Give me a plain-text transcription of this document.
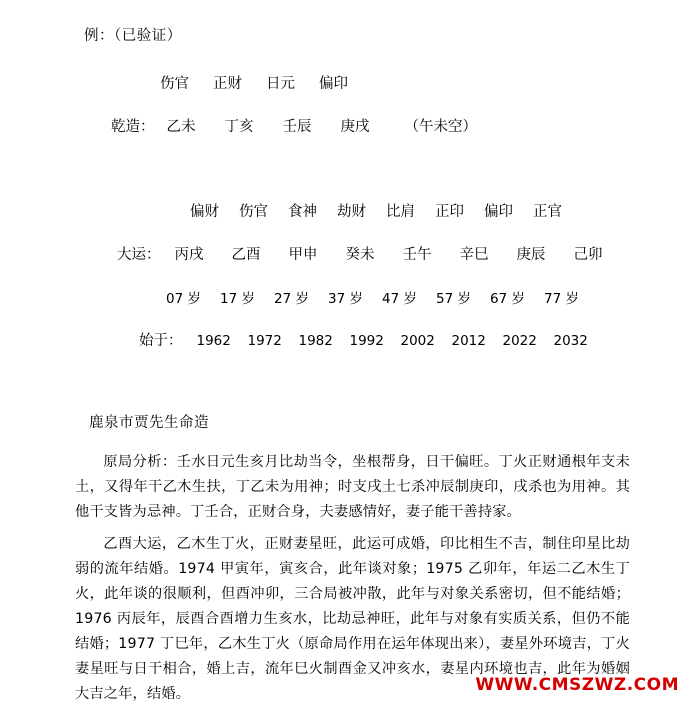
例：（已验证）
伤官 正财 日元 偏印
乾造： 乙未	丁亥	壬辰	庚戌	（午未空）
偏财 伤官 食神 劫财 比肩 正印 偏印 正官
大运： 丙戌	乙酉	甲申	癸未	壬午	辛巳	庚辰	己卯
07 岁	17 岁	27 岁	37 岁	47 岁	57 岁	67 岁	77 岁
始于： 1962	1972	1982	1992	2002	2012	2022	2032
鹿泉市贾先生命造
原局分析：壬水日元生亥月比劫当令，坐根帮身，日干偏旺。丁火正财通根年支未土，又得年干乙木生扶，丁乙未为用神；时支戌土七杀冲辰制庚印，戌杀也为用神。其他干支皆为忌神。丁壬合，正财合身，夫妻感情好，妻子能干善持家。
乙酉大运，乙木生丁火，正财妻星旺，此运可成婚，印比相生不吉，制住印星比劫弱的流年结婚。1974 甲寅年，寅亥合，此年谈对象；1975 乙卯年，年运二乙木生丁火，此年谈的很顺利，但酉冲卯，三合局被冲散，此年与对象关系密切，但不能结婚；1976 丙辰年，辰酉合酉增力生亥水，比劫忌神旺，此年与对象有实质关系，但仍不能结婚；1977 丁巳年，乙木生丁火（原命局作用在运年体现出来），妻星外环境吉，丁火妻星旺与日干相合，婚上吉，流年巳火制酉金又冲亥水，妻星内环境也吉，此年为婚姻大吉之年，结婚。	WWW.CMSZWZ.COM
